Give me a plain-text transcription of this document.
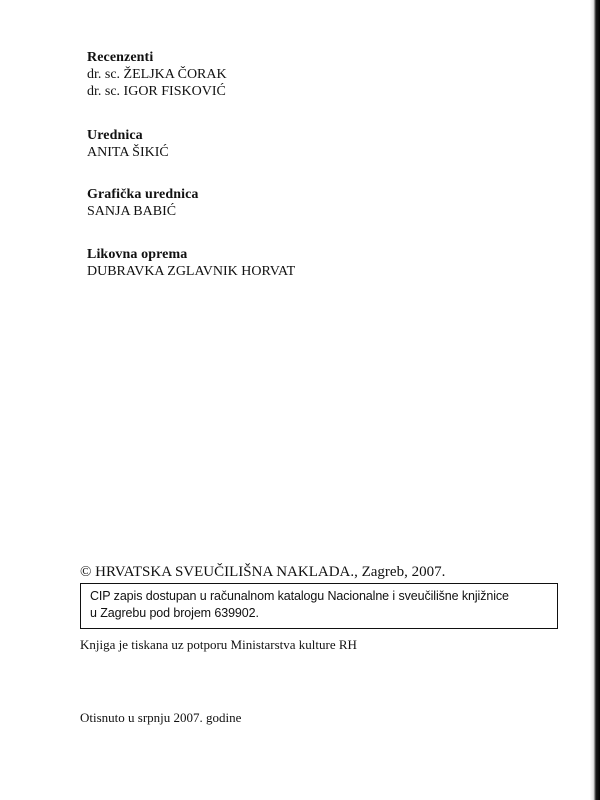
Recenzenti
dr. sc. ŽELJKA ČORAK
dr. sc. IGOR FISKOVIĆ
Urednica
ANITA ŠIKIĆ
Grafička urednica
SANJA BABIĆ
Likovna oprema
DUBRAVKA ZGLAVNIK HORVAT
© HRVATSKA SVEUČILIŠNA NAKLADA., Zagreb, 2007.
CIP zapis dostupan u računalnom katalogu Nacionalne i sveučilišne knjižnice
u Zagrebu pod brojem 639902.
Knjiga je tiskana uz potporu Ministarstva kulture RH
Otisnuto u srpnju 2007. godine
